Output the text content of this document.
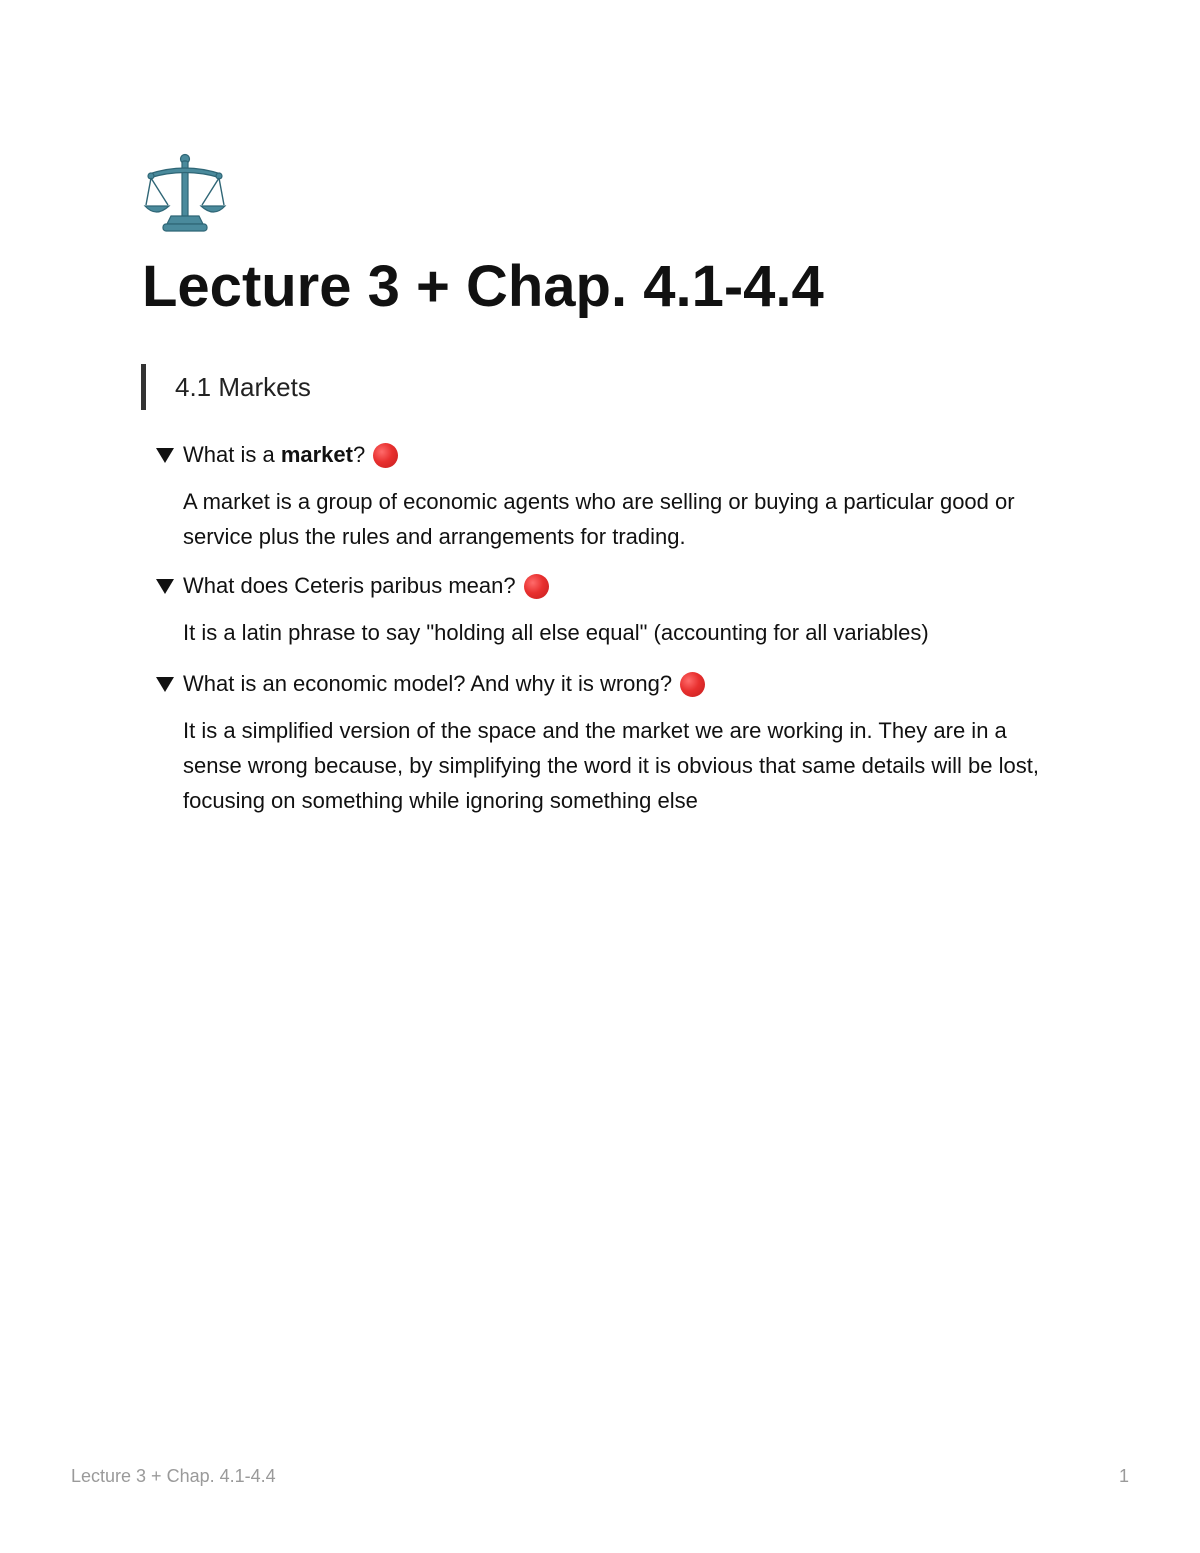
Lecture 3 + Chap. 4.1-4.4
4.1 Markets
What is a market?

A market is a group of economic agents who are selling or buying a particular good or service plus the rules and arrangements for trading.

What does Ceteris paribus mean?

It is a latin phrase to say "holding all else equal" (accounting for all variables)

What is an economic model? And why it is wrong?

It is a simplified version of the space and the market we are working in. They are in a sense wrong because, by simplifying the word it is obvious that same details will be lost, focusing on something while ignoring something else

Lecture 3 + Chap. 4.1-4.4	1
